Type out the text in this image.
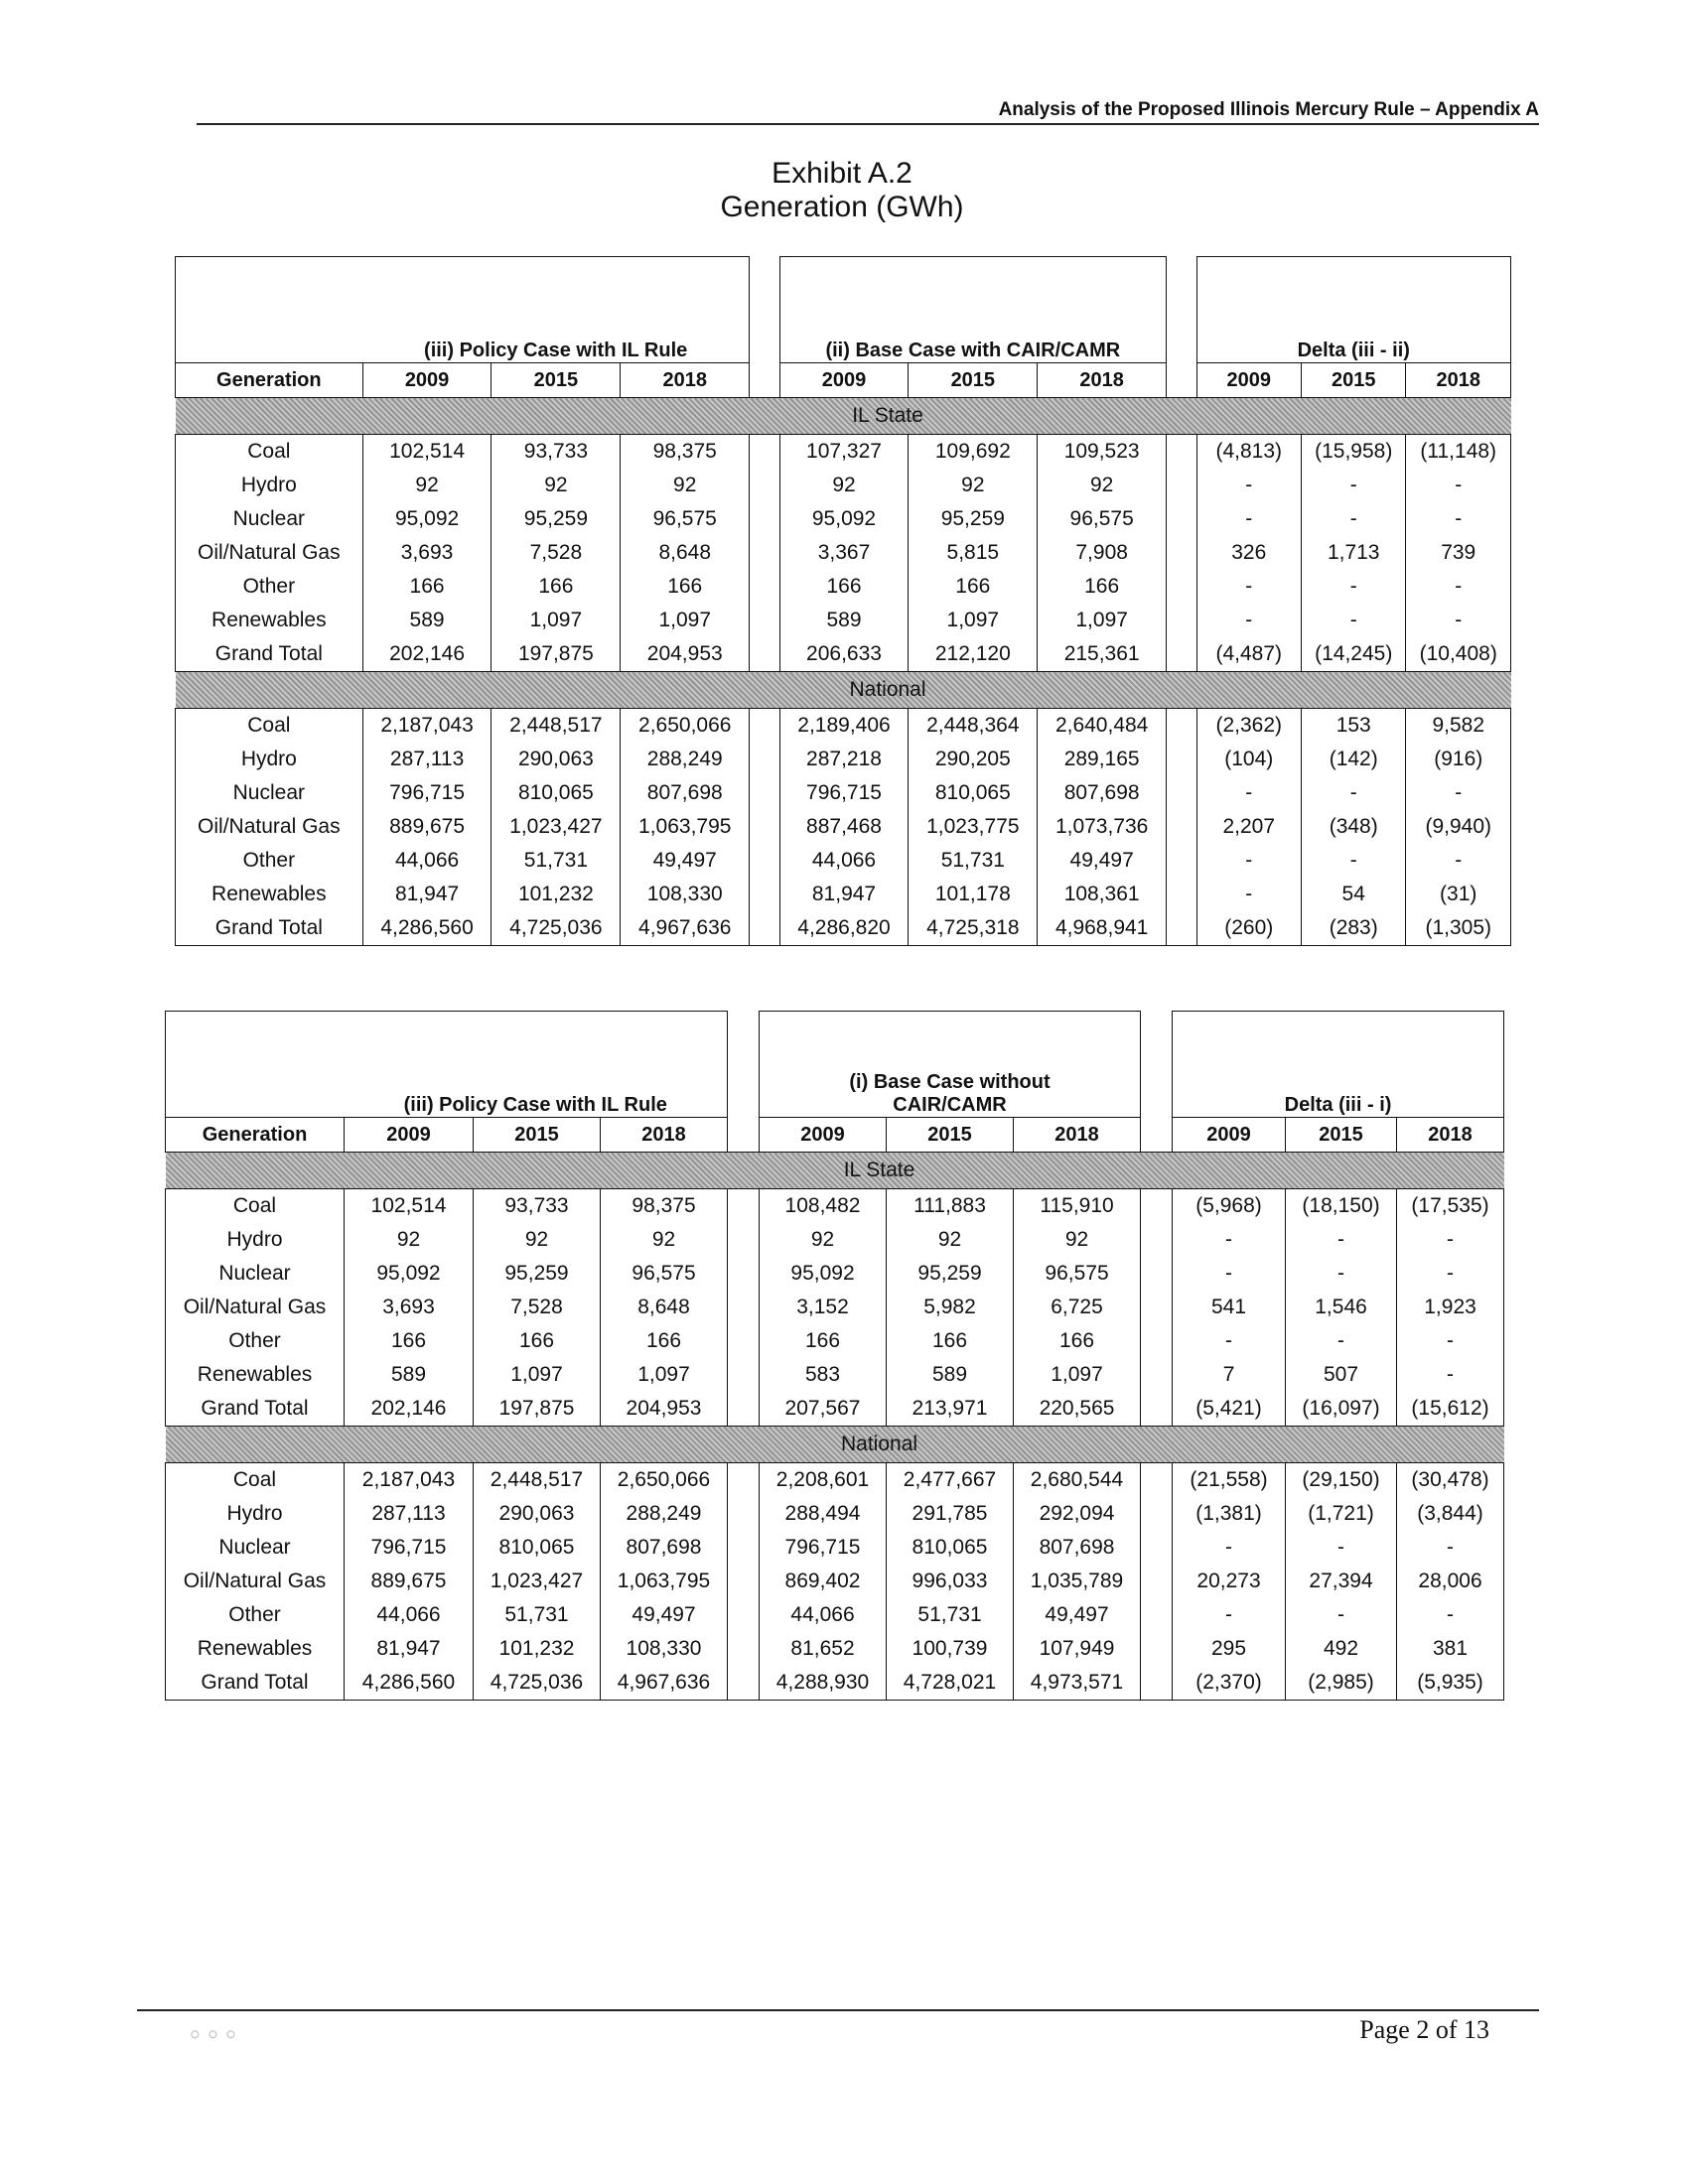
Analysis of the Proposed Illinois Mercury Rule – Appendix A
Exhibit A.2
Generation (GWh)
	(iii) Policy Case with IL Rule				(ii) Base Case with CAIR/CAMR				Delta (iii - ii)		
Generation	2009	2015	2018		2009	2015	2018		2009	2015	2018
IL State											
Coal	102,514	93,733	98,375		107,327	109,692	109,523		(4,813)	(15,958)	(11,148)
Hydro	92	92	92		92	92	92		-	-	-
Nuclear	95,092	95,259	96,575		95,092	95,259	96,575		-	-	-
Oil/Natural Gas	3,693	7,528	8,648		3,367	5,815	7,908		326	1,713	739
Other	166	166	166		166	166	166		-	-	-
Renewables	589	1,097	1,097		589	1,097	1,097		-	-	-
Grand Total	202,146	197,875	204,953		206,633	212,120	215,361		(4,487)	(14,245)	(10,408)
National											
Coal	2,187,043	2,448,517	2,650,066		2,189,406	2,448,364	2,640,484		(2,362)	153	9,582
Hydro	287,113	290,063	288,249		287,218	290,205	289,165		(104)	(142)	(916)
Nuclear	796,715	810,065	807,698		796,715	810,065	807,698		-	-	-
Oil/Natural Gas	889,675	1,023,427	1,063,795		887,468	1,023,775	1,073,736		2,207	(348)	(9,940)
Other	44,066	51,731	49,497		44,066	51,731	49,497		-	-	-
Renewables	81,947	101,232	108,330		81,947	101,178	108,361		-	54	(31)
Grand Total	4,286,560	4,725,036	4,967,636		4,286,820	4,725,318	4,968,941		(260)	(283)	(1,305)
	(iii) Policy Case with IL Rule				(i) Base Case without
CAIR/CAMR				Delta (iii - i)		
Generation	2009	2015	2018		2009	2015	2018		2009	2015	2018
IL State											
Coal	102,514	93,733	98,375		108,482	111,883	115,910		(5,968)	(18,150)	(17,535)
Hydro	92	92	92		92	92	92		-	-	-
Nuclear	95,092	95,259	96,575		95,092	95,259	96,575		-	-	-
Oil/Natural Gas	3,693	7,528	8,648		3,152	5,982	6,725		541	1,546	1,923
Other	166	166	166		166	166	166		-	-	-
Renewables	589	1,097	1,097		583	589	1,097		7	507	-
Grand Total	202,146	197,875	204,953		207,567	213,971	220,565		(5,421)	(16,097)	(15,612)
National											
Coal	2,187,043	2,448,517	2,650,066		2,208,601	2,477,667	2,680,544		(21,558)	(29,150)	(30,478)
Hydro	287,113	290,063	288,249		288,494	291,785	292,094		(1,381)	(1,721)	(3,844)
Nuclear	796,715	810,065	807,698		796,715	810,065	807,698		-	-	-
Oil/Natural Gas	889,675	1,023,427	1,063,795		869,402	996,033	1,035,789		20,273	27,394	28,006
Other	44,066	51,731	49,497		44,066	51,731	49,497		-	-	-
Renewables	81,947	101,232	108,330		81,652	100,739	107,949		295	492	381
Grand Total	4,286,560	4,725,036	4,967,636		4,288,930	4,728,021	4,973,571		(2,370)	(2,985)	(5,935)
⸰ ⸰ ⸰	Page 2 of 13
